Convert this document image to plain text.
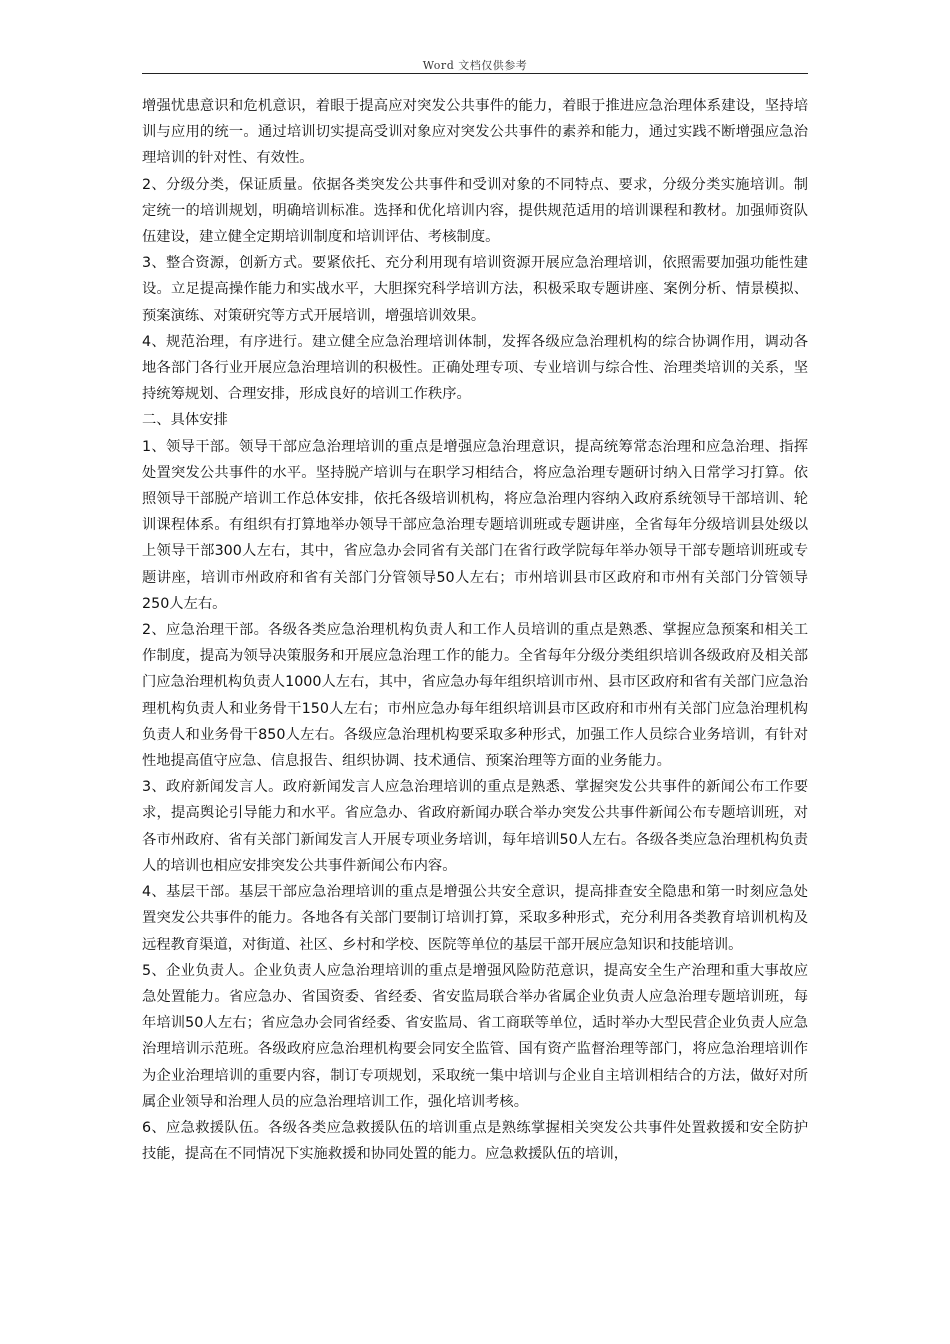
Word 文档仅供参考

增强忧患意识和危机意识，着眼于提高应对突发公共事件的能力，着眼于推进应急治理体系建设，坚持培训与应用的统一。通过培训切实提高受训对象应对突发公共事件的素养和能力，通过实践不断增强应急治理培训的针对性、有效性。

2、分级分类，保证质量。依据各类突发公共事件和受训对象的不同特点、要求，分级分类实施培训。制定统一的培训规划，明确培训标准。选择和优化培训内容，提供规范适用的培训课程和教材。加强师资队伍建设，建立健全定期培训制度和培训评估、考核制度。

3、整合资源，创新方式。要紧依托、充分利用现有培训资源开展应急治理培训，依照需要加强功能性建设。立足提高操作能力和实战水平，大胆探究科学培训方法，积极采取专题讲座、案例分析、情景模拟、预案演练、对策研究等方式开展培训，增强培训效果。

4、规范治理，有序进行。建立健全应急治理培训体制，发挥各级应急治理机构的综合协调作用，调动各地各部门各行业开展应急治理培训的积极性。正确处理专项、专业培训与综合性、治理类培训的关系，坚持统筹规划、合理安排，形成良好的培训工作秩序。

二、具体安排

1、领导干部。领导干部应急治理培训的重点是增强应急治理意识，提高统筹常态治理和应急治理、指挥处置突发公共事件的水平。坚持脱产培训与在职学习相结合，将应急治理专题研讨纳入日常学习打算。依照领导干部脱产培训工作总体安排，依托各级培训机构，将应急治理内容纳入政府系统领导干部培训、轮训课程体系。有组织有打算地举办领导干部应急治理专题培训班或专题讲座，全省每年分级培训县处级以上领导干部300人左右，其中，省应急办会同省有关部门在省行政学院每年举办领导干部专题培训班或专题讲座，培训市州政府和省有关部门分管领导50人左右；市州培训县市区政府和市州有关部门分管领导250人左右。

2、应急治理干部。各级各类应急治理机构负责人和工作人员培训的重点是熟悉、掌握应急预案和相关工作制度，提高为领导决策服务和开展应急治理工作的能力。全省每年分级分类组织培训各级政府及相关部门应急治理机构负责人1000人左右，其中，省应急办每年组织培训市州、县市区政府和省有关部门应急治理机构负责人和业务骨干150人左右；市州应急办每年组织培训县市区政府和市州有关部门应急治理机构负责人和业务骨干850人左右。各级应急治理机构要采取多种形式，加强工作人员综合业务培训，有针对性地提高值守应急、信息报告、组织协调、技术通信、预案治理等方面的业务能力。

3、政府新闻发言人。政府新闻发言人应急治理培训的重点是熟悉、掌握突发公共事件的新闻公布工作要求，提高舆论引导能力和水平。省应急办、省政府新闻办联合举办突发公共事件新闻公布专题培训班，对各市州政府、省有关部门新闻发言人开展专项业务培训，每年培训50人左右。各级各类应急治理机构负责人的培训也相应安排突发公共事件新闻公布内容。

4、基层干部。基层干部应急治理培训的重点是增强公共安全意识，提高排查安全隐患和第一时刻应急处置突发公共事件的能力。各地各有关部门要制订培训打算，采取多种形式，充分利用各类教育培训机构及远程教育渠道，对街道、社区、乡村和学校、医院等单位的基层干部开展应急知识和技能培训。

5、企业负责人。企业负责人应急治理培训的重点是增强风险防范意识，提高安全生产治理和重大事故应急处置能力。省应急办、省国资委、省经委、省安监局联合举办省属企业负责人应急治理专题培训班，每年培训50人左右；省应急办会同省经委、省安监局、省工商联等单位，适时举办大型民营企业负责人应急治理培训示范班。各级政府应急治理机构要会同安全监管、国有资产监督治理等部门，将应急治理培训作为企业治理培训的重要内容，制订专项规划，采取统一集中培训与企业自主培训相结合的方法，做好对所属企业领导和治理人员的应急治理培训工作，强化培训考核。

6、应急救援队伍。各级各类应急救援队伍的培训重点是熟练掌握相关突发公共事件处置救援和安全防护技能，提高在不同情况下实施救援和协同处置的能力。应急救援队伍的培训，
